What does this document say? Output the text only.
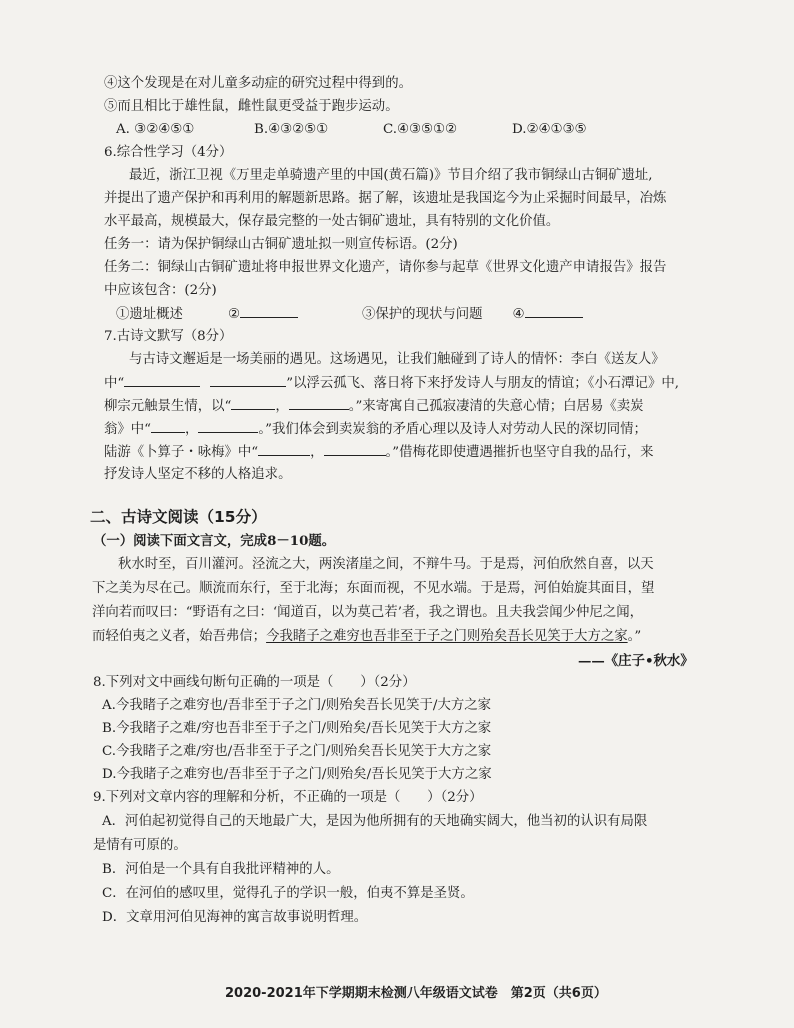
④这个发现是在对儿童多动症的研究过程中得到的。
⑤而且相比于雄性鼠，雌性鼠更受益于跑步运动。
A. ③②④⑤①	B.④③②⑤①	C.④③⑤①②	D.②④①③⑤
6.综合性学习（4分）
最近，浙江卫视《万里走单骑遗产里的中国(黄石篇)》节目介绍了我市铜绿山古铜矿遗址,
并提出了遗产保护和再利用的解题新思路。据了解，该遗址是我国迄今为止采掘时间最早，冶炼
水平最高，规模最大，保存最完整的一处古铜矿遗址，具有特别的文化价值。
任务一：请为保护铜绿山古铜矿遗址拟一则宣传标语。(2分)
任务二：铜绿山古铜矿遗址将申报世界文化遗产，请你参与起草《世界文化遗产申请报告》报告
中应该包含：(2分)
①遗址概述	②	③保护的现状与问题 ④
7.古诗文默写（8分）
与古诗文邂逅是一场美丽的遇见。这场遇见，让我们触碰到了诗人的情怀：李白《送友人》
中“	”以浮云孤飞、落日将下来抒发诗人与朋友的情谊；《小石潭记》中,
柳宗元触景生情，以“	，	。”来寄寓自己孤寂凄清的失意心情；白居易《卖炭
翁》中“	，	。”我们体会到卖炭翁的矛盾心理以及诗人对劳动人民的深切同情；
陆游《卜算子・咏梅》中“	，	。”借梅花即使遭遇摧折也坚守自我的品行，来
抒发诗人坚定不移的人格追求。
二、古诗文阅读（15分）
（一）阅读下面文言文，完成8－10题。
秋水时至，百川灌河。泾流之大，两涘渚崖之间，不辩牛马。于是焉，河伯欣然自喜，以天
下之美为尽在己。顺流而东行，至于北海；东面而视，不见水端。于是焉，河伯始旋其面目，望
洋向若而叹曰：“野语有之曰：‘闻道百，以为莫己若’者，我之谓也。且夫我尝闻少仲尼之闻，
而轻伯夷之义者，始吾弗信；今我睹子之难穷也吾非至于子之门则殆矣吾长见笑于大方之家。”
——《庄子•秋水》
8.下列对文中画线句断句正确的一项是（　　）（2分）
A.今我睹子之难穷也/吾非至于子之门/则殆矣吾长见笑于/大方之家
B.今我睹子之难/穷也吾非至于子之门/则殆矣/吾长见笑于大方之家
C.今我睹子之难/穷也/吾非至于子之门/则殆矣吾长见笑于大方之家
D.今我睹子之难穷也/吾非至于子之门/则殆矣/吾长见笑于大方之家
9.下列对文章内容的理解和分析，不正确的一项是（　　）（2分）
A．河伯起初觉得自己的天地最广大，是因为他所拥有的天地确实阔大，他当初的认识有局限
是情有可原的。
B．河伯是一个具有自我批评精神的人。
C．在河伯的感叹里，觉得孔子的学识一般，伯夷不算是圣贤。
D．文章用河伯见海神的寓言故事说明哲理。
2020-2021年下学期期末检测八年级语文试卷　第2页（共6页）
